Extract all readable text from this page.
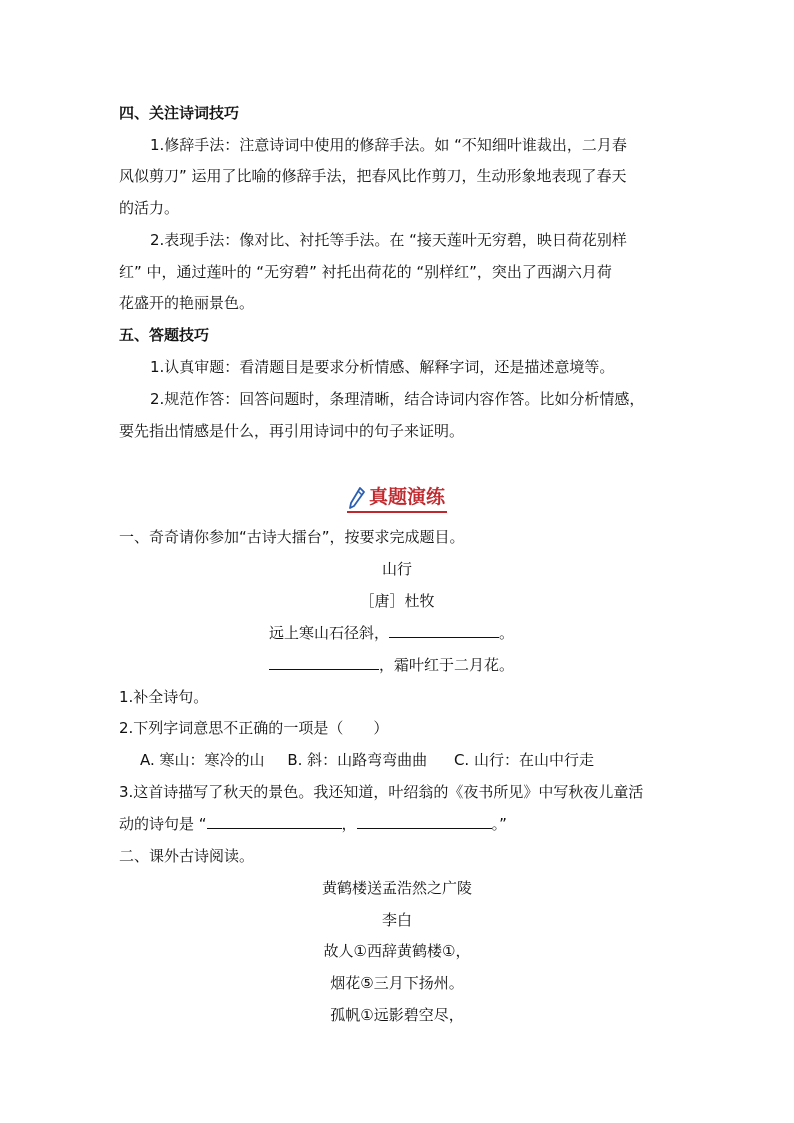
四、关注诗词技巧
1.修辞手法：注意诗词中使用的修辞手法。如 “不知细叶谁裁出，二月春
风似剪刀” 运用了比喻的修辞手法，把春风比作剪刀，生动形象地表现了春天
的活力。
2.表现手法：像对比、衬托等手法。在 “接天莲叶无穷碧，映日荷花别样
红” 中，通过莲叶的 “无穷碧” 衬托出荷花的 “别样红”，突出了西湖六月荷
花盛开的艳丽景色。
五、答题技巧
1.认真审题：看清题目是要求分析情感、解释字词，还是描述意境等。
2.规范作答：回答问题时，条理清晰，结合诗词内容作答。比如分析情感，
要先指出情感是什么，再引用诗词中的句子来证明。
真题演练
一、奇奇请你参加“古诗大擂台”，按要求完成题目。
山行
［唐］杜牧
远上寒山石径斜，	。
，霜叶红于二月花。
1.补全诗句。
2.下列字词意思不正确的一项是（　　）
A. 寒山：寒冷的山 B. 斜：山路弯弯曲曲 C. 山行：在山中行走
3.这首诗描写了秋天的景色。我还知道，叶绍翁的《夜书所见》中写秋夜儿童活
动的诗句是 “	，	。”
二、课外古诗阅读。
黄鹤楼送孟浩然之广陵
李白
故人①西辞黄鹤楼①，
烟花⑤三月下扬州。
孤帆①远影碧空尽，
